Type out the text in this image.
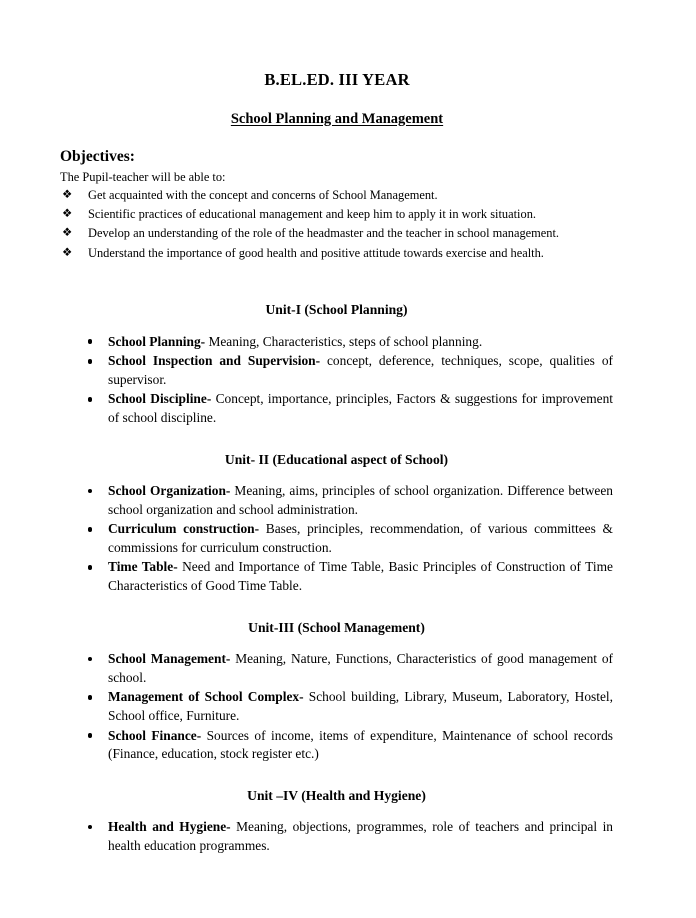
B.EL.ED. III YEAR
School Planning and Management
Objectives:

The Pupil-teacher will be able to:

❖ Get acquainted with the concept and concerns of School Management.
❖ Scientific practices of educational management and keep him to apply it in work situation.
❖ Develop an understanding of the role of the headmaster and the teacher in school management.
❖ Understand the importance of good health and positive attitude towards exercise and health.
Unit-I (School Planning)
School Planning- Meaning, Characteristics, steps of school planning.
School Inspection and Supervision- concept, deference, techniques, scope, qualities of supervisor.
School Discipline- Concept, importance, principles, Factors & suggestions for improvement of school discipline.
Unit- II (Educational aspect of School)
School Organization- Meaning, aims, principles of school organization. Difference between school organization and school administration.
Curriculum construction- Bases, principles, recommendation, of various committees & commissions for curriculum construction.
Time Table- Need and Importance of Time Table, Basic Principles of Construction of Time Characteristics of Good Time Table.
Unit-III (School Management)
School Management- Meaning, Nature, Functions, Characteristics of good management of school.
Management of School Complex- School building, Library, Museum, Laboratory, Hostel, School office, Furniture.
School Finance- Sources of income, items of expenditure, Maintenance of school records (Finance, education, stock register etc.)
Unit –IV (Health and Hygiene)
Health and Hygiene- Meaning, objections, programmes, role of teachers and principal in health education programmes.
